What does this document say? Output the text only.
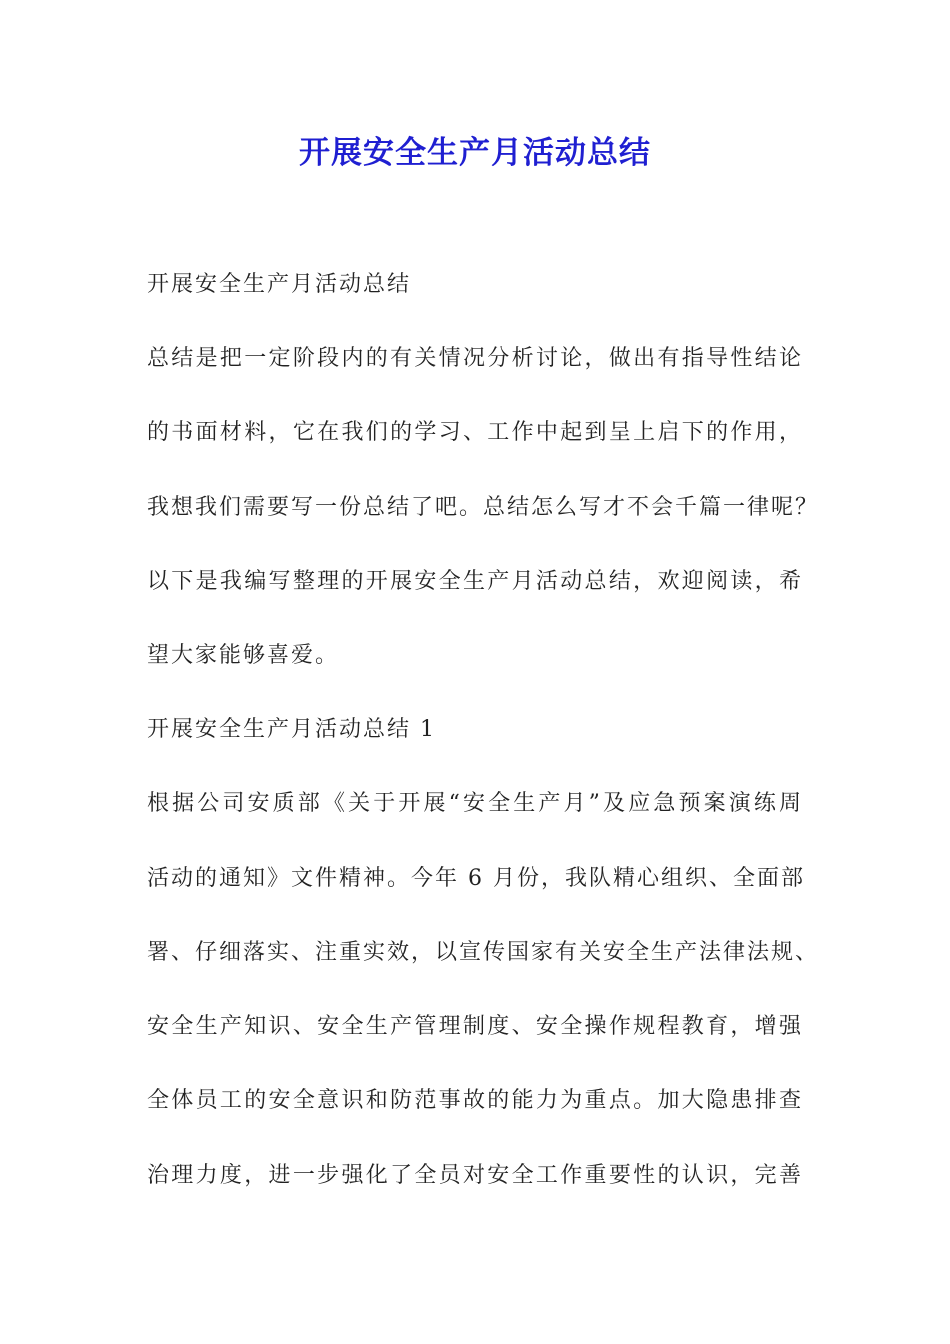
开展安全生产月活动总结

开展安全生产月活动总结

总结是把一定阶段内的有关情况分析讨论，做出有指导性结论

的书面材料，它在我们的学习、工作中起到呈上启下的作用，

我想我们需要写一份总结了吧。总结怎么写才不会千篇一律呢？

以下是我编写整理的开展安全生产月活动总结，欢迎阅读，希

望大家能够喜爱。

开展安全生产月活动总结 1

根据公司安质部《关于开展“安全生产月”及应急预案演练周

活动的通知》文件精神。今年 6 月份，我队精心组织、全面部

署、仔细落实、注重实效，以宣传国家有关安全生产法律法规、

安全生产知识、安全生产管理制度、安全操作规程教育，增强

全体员工的安全意识和防范事故的能力为重点。加大隐患排查

治理力度，进一步强化了全员对安全工作重要性的认识，完善
